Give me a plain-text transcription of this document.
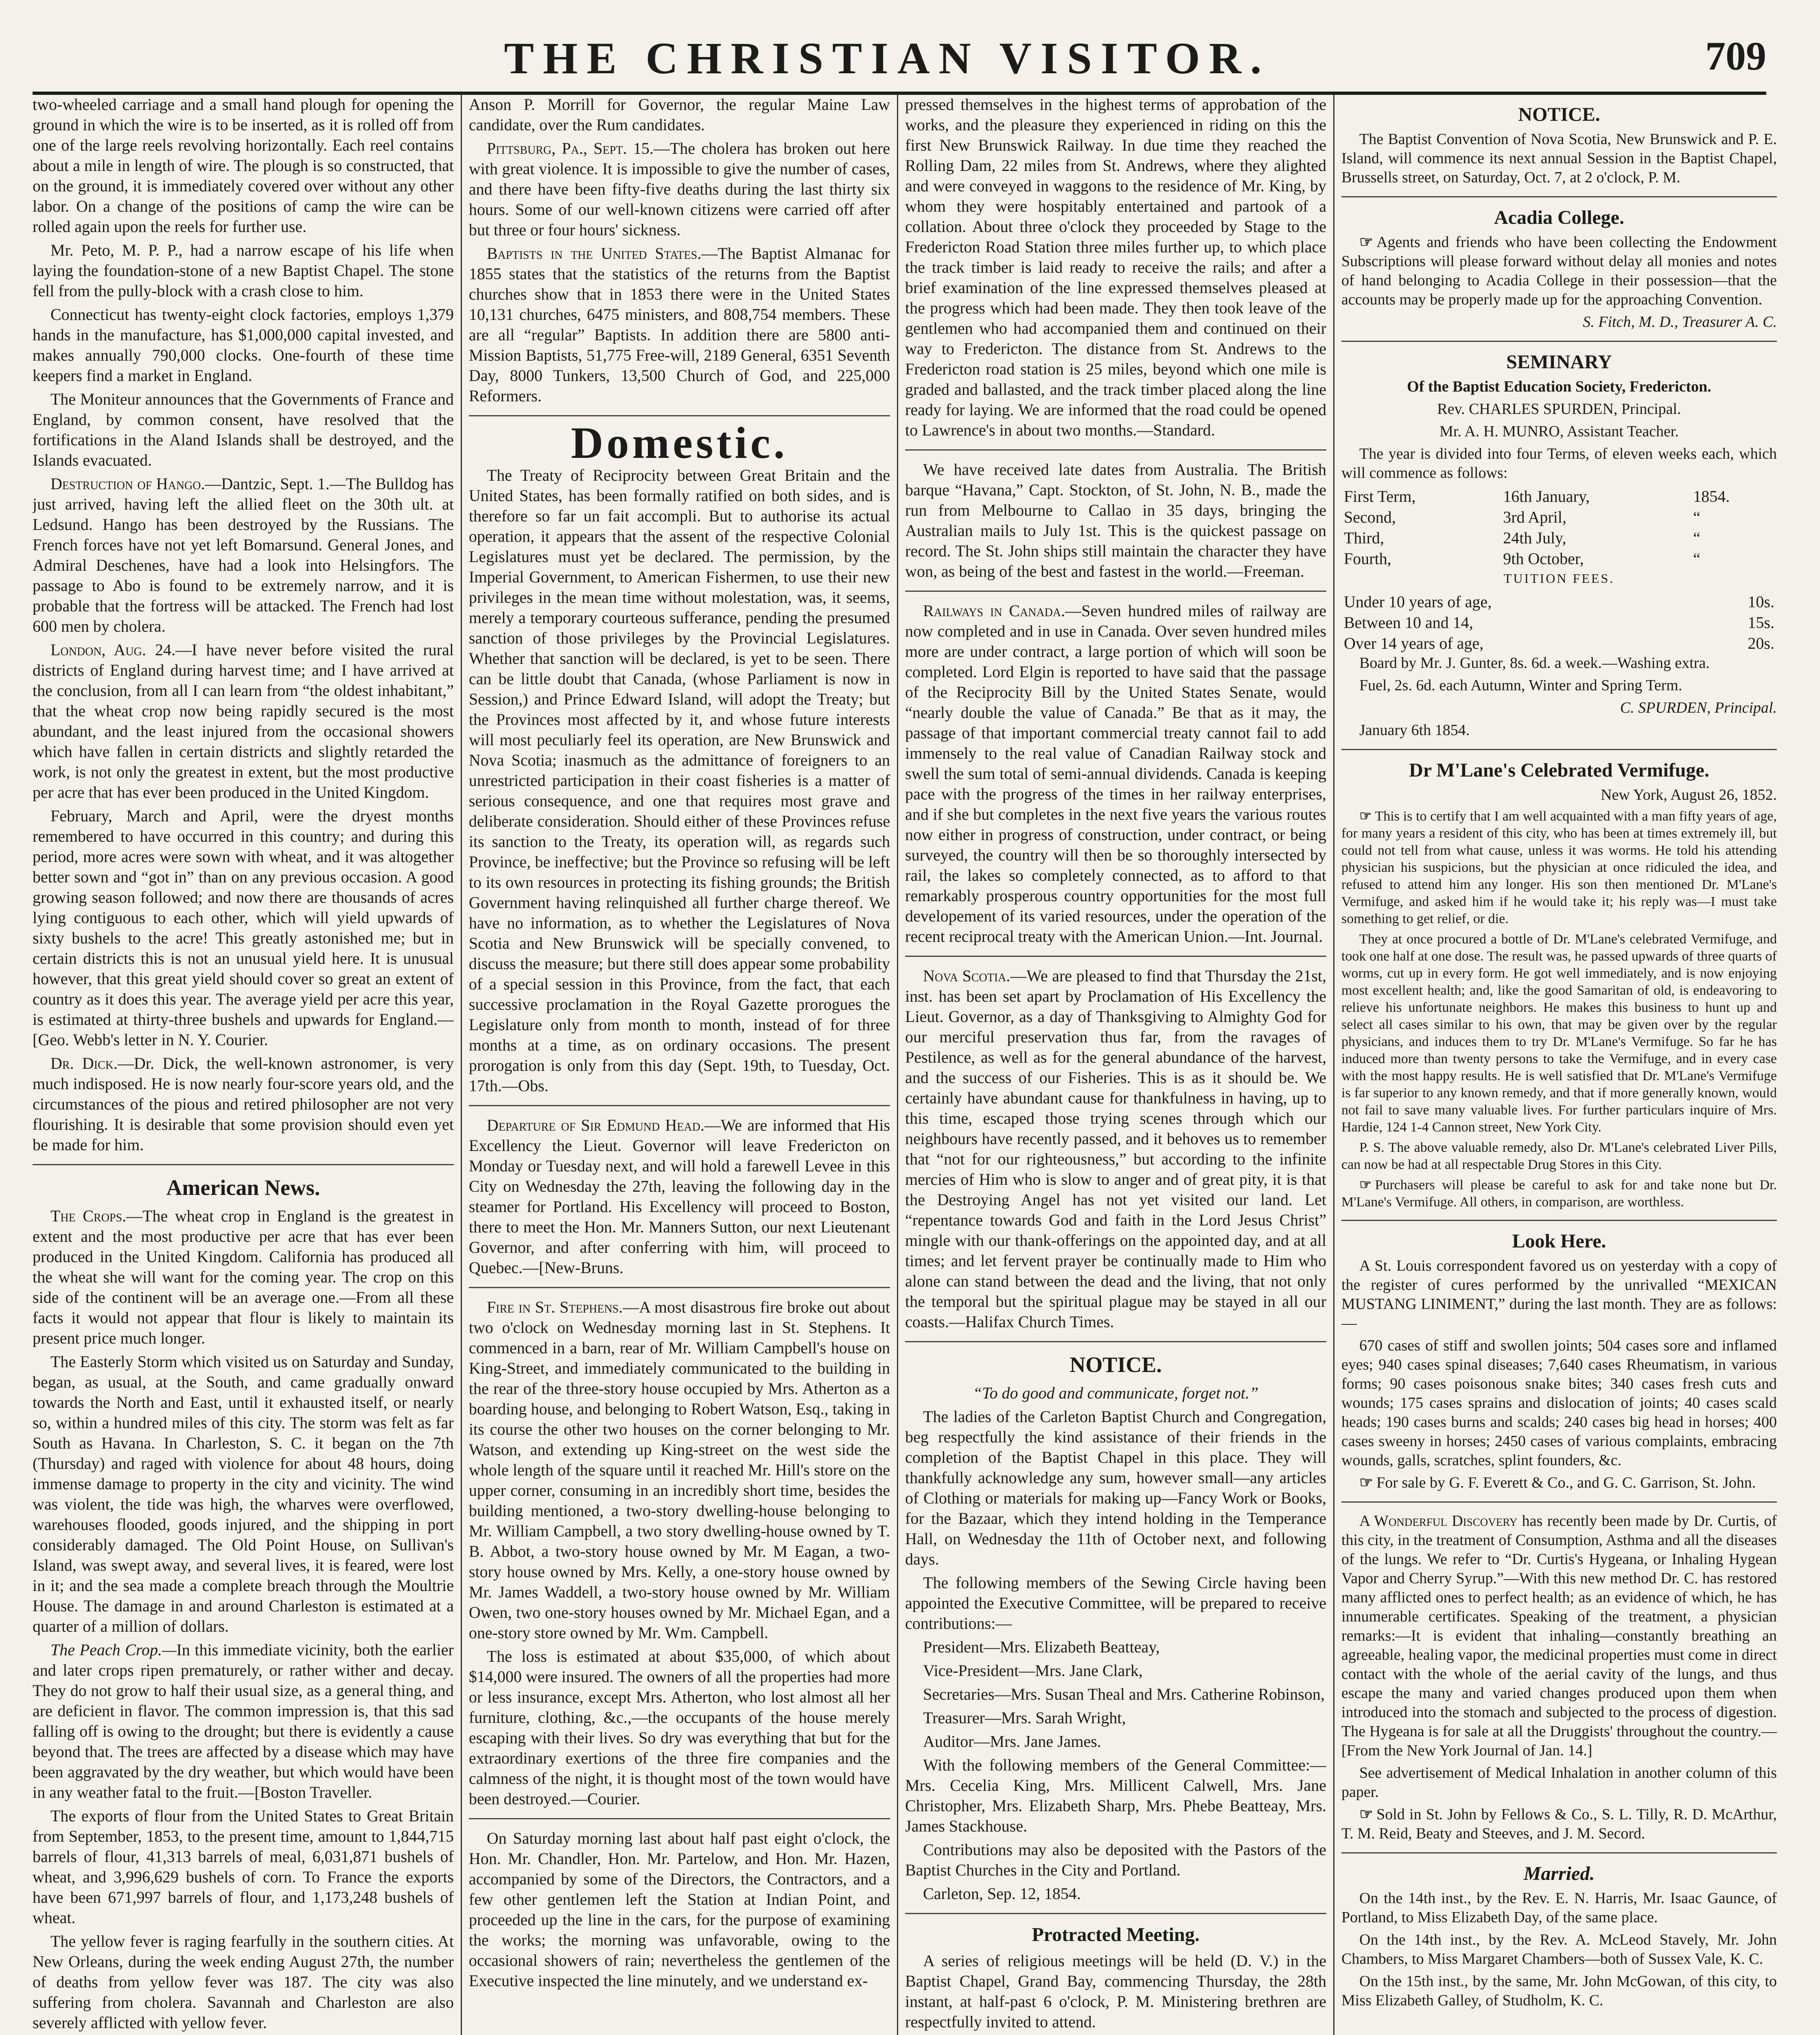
THE CHRISTIAN VISITOR.	709

two-wheeled carriage and a small hand plough for opening the ground in which the wire is to be inserted, as it is rolled off from one of the large reels revolving horizontally. Each reel contains about a mile in length of wire. The plough is so constructed, that on the ground, it is immediately covered over without any other labor. On a change of the positions of camp the wire can be rolled again upon the reels for further use.

Mr. Peto, M. P. P., had a narrow escape of his life when laying the foundation-stone of a new Baptist Chapel. The stone fell from the pully-block with a crash close to him.

Connecticut has twenty-eight clock factories, employs 1,379 hands in the manufacture, has $1,000,000 capital invested, and makes annually 790,000 clocks. One-fourth of these time keepers find a market in England.

The Moniteur announces that the Governments of France and England, by common consent, have resolved that the fortifications in the Aland Islands shall be destroyed, and the Islands evacuated.

Destruction of Hango.—Dantzic, Sept. 1.—The Bulldog has just arrived, having left the allied fleet on the 30th ult. at Ledsund. Hango has been destroyed by the Russians. The French forces have not yet left Bomarsund. General Jones, and Admiral Deschenes, have had a look into Helsingfors. The passage to Abo is found to be extremely narrow, and it is probable that the fortress will be attacked. The French had lost 600 men by cholera.

London, Aug. 24.—I have never before visited the rural districts of England during harvest time; and I have arrived at the conclusion, from all I can learn from “the oldest inhabitant,” that the wheat crop now being rapidly secured is the most abundant, and the least injured from the occasional showers which have fallen in certain districts and slightly retarded the work, is not only the greatest in extent, but the most productive per acre that has ever been produced in the United Kingdom.

February, March and April, were the dryest months remembered to have occurred in this country; and during this period, more acres were sown with wheat, and it was altogether better sown and “got in” than on any previous occasion. A good growing season followed; and now there are thousands of acres lying contiguous to each other, which will yield upwards of sixty bushels to the acre! This greatly astonished me; but in certain districts this is not an unusual yield here. It is unusual however, that this great yield should cover so great an extent of country as it does this year. The average yield per acre this year, is estimated at thirty-three bushels and upwards for England.—[Geo. Webb's letter in N. Y. Courier.

Dr. Dick.—Dr. Dick, the well-known astronomer, is very much indisposed. He is now nearly four-score years old, and the circumstances of the pious and retired philosopher are not very flourishing. It is desirable that some provision should even yet be made for him.

American News.

The Crops.—The wheat crop in England is the greatest in extent and the most productive per acre that has ever been produced in the United Kingdom. California has produced all the wheat she will want for the coming year. The crop on this side of the continent will be an average one.—From all these facts it would not appear that flour is likely to maintain its present price much longer.

The Easterly Storm which visited us on Saturday and Sunday, began, as usual, at the South, and came gradually onward towards the North and East, until it exhausted itself, or nearly so, within a hundred miles of this city. The storm was felt as far South as Havana. In Charleston, S. C. it began on the 7th (Thursday) and raged with violence for about 48 hours, doing immense damage to property in the city and vicinity. The wind was violent, the tide was high, the wharves were overflowed, warehouses flooded, goods injured, and the shipping in port considerably damaged. The Old Point House, on Sullivan's Island, was swept away, and several lives, it is feared, were lost in it; and the sea made a complete breach through the Moultrie House. The damage in and around Charleston is estimated at a quarter of a million of dollars.

The Peach Crop.—In this immediate vicinity, both the earlier and later crops ripen prematurely, or rather wither and decay. They do not grow to half their usual size, as a general thing, and are deficient in flavor. The common impression is, that this sad falling off is owing to the drought; but there is evidently a cause beyond that. The trees are affected by a disease which may have been aggravated by the dry weather, but which would have been in any weather fatal to the fruit.—[Boston Traveller.

The exports of flour from the United States to Great Britain from September, 1853, to the present time, amount to 1,844,715 barrels of flour, 41,313 barrels of meal, 6,031,871 bushels of wheat, and 3,996,629 bushels of corn. To France the exports have been 671,997 barrels of flour, and 1,173,248 bushels of wheat.

The yellow fever is raging fearfully in the southern cities. At New Orleans, during the week ending August 27th, the number of deaths from yellow fever was 187. The city was also suffering from cholera. Savannah and Charleston are also severely afflicted with yellow fever.

Anson P. Morrill for Governor, the regular Maine Law candidate, over the Rum candidates.

Pittsburg, Pa., Sept. 15.—The cholera has broken out here with great violence. It is impossible to give the number of cases, and there have been fifty-five deaths during the last thirty six hours. Some of our well-known citizens were carried off after but three or four hours' sickness.

Baptists in the United States.—The Baptist Almanac for 1855 states that the statistics of the returns from the Baptist churches show that in 1853 there were in the United States 10,131 churches, 6475 ministers, and 808,754 members. These are all “regular” Baptists. In addition there are 5800 anti-Mission Baptists, 51,775 Free-will, 2189 General, 6351 Seventh Day, 8000 Tunkers, 13,500 Church of God, and 225,000 Reformers.

Domestic.

The Treaty of Reciprocity between Great Britain and the United States, has been formally ratified on both sides, and is therefore so far un fait accompli. But to authorise its actual operation, it appears that the assent of the respective Colonial Legislatures must yet be declared. The permission, by the Imperial Government, to American Fishermen, to use their new privileges in the mean time without molestation, was, it seems, merely a temporary courteous sufferance, pending the presumed sanction of those privileges by the Provincial Legislatures. Whether that sanction will be declared, is yet to be seen. There can be little doubt that Canada, (whose Parliament is now in Session,) and Prince Edward Island, will adopt the Treaty; but the Provinces most affected by it, and whose future interests will most peculiarly feel its operation, are New Brunswick and Nova Scotia; inasmuch as the admittance of foreigners to an unrestricted participation in their coast fisheries is a matter of serious consequence, and one that requires most grave and deliberate consideration. Should either of these Provinces refuse its sanction to the Treaty, its operation will, as regards such Province, be ineffective; but the Province so refusing will be left to its own resources in protecting its fishing grounds; the British Government having relinquished all further charge thereof. We have no information, as to whether the Legislatures of Nova Scotia and New Brunswick will be specially convened, to discuss the measure; but there still does appear some probability of a special session in this Province, from the fact, that each successive proclamation in the Royal Gazette prorogues the Legislature only from month to month, instead of for three months at a time, as on ordinary occasions. The present prorogation is only from this day (Sept. 19th, to Tuesday, Oct. 17th.—Obs.

Departure of Sir Edmund Head.—We are informed that His Excellency the Lieut. Governor will leave Fredericton on Monday or Tuesday next, and will hold a farewell Levee in this City on Wednesday the 27th, leaving the following day in the steamer for Portland. His Excellency will proceed to Boston, there to meet the Hon. Mr. Manners Sutton, our next Lieutenant Governor, and after conferring with him, will proceed to Quebec.—[New-Bruns.

Fire in St. Stephens.—A most disastrous fire broke out about two o'clock on Wednesday morning last in St. Stephens. It commenced in a barn, rear of Mr. William Campbell's house on King-Street, and immediately communicated to the building in the rear of the three-story house occupied by Mrs. Atherton as a boarding house, and belonging to Robert Watson, Esq., taking in its course the other two houses on the corner belonging to Mr. Watson, and extending up King-street on the west side the whole length of the square until it reached Mr. Hill's store on the upper corner, consuming in an incredibly short time, besides the building mentioned, a two-story dwelling-house belonging to Mr. William Campbell, a two story dwelling-house owned by T. B. Abbot, a two-story house owned by Mr. M Eagan, a two-story house owned by Mrs. Kelly, a one-story house owned by Mr. James Waddell, a two-story house owned by Mr. William Owen, two one-story houses owned by Mr. Michael Egan, and a one-story store owned by Mr. Wm. Campbell.

The loss is estimated at about $35,000, of which about $14,000 were insured. The owners of all the properties had more or less insurance, except Mrs. Atherton, who lost almost all her furniture, clothing, &c.,—the occupants of the house merely escaping with their lives. So dry was everything that but for the extraordinary exertions of the three fire companies and the calmness of the night, it is thought most of the town would have been destroyed.—Courier.

On Saturday morning last about half past eight o'clock, the Hon. Mr. Chandler, Hon. Mr. Partelow, and Hon. Mr. Hazen, accompanied by some of the Directors, the Contractors, and a few other gentlemen left the Station at Indian Point, and proceeded up the line in the cars, for the purpose of examining the works; the morning was unfavorable, owing to the occasional showers of rain; nevertheless the gentlemen of the Executive inspected the line minutely, and we understand ex-

pressed themselves in the highest terms of approbation of the works, and the pleasure they experienced in riding on this the first New Brunswick Railway. In due time they reached the Rolling Dam, 22 miles from St. Andrews, where they alighted and were conveyed in waggons to the residence of Mr. King, by whom they were hospitably entertained and partook of a collation. About three o'clock they proceeded by Stage to the Fredericton Road Station three miles further up, to which place the track timber is laid ready to receive the rails; and after a brief examination of the line expressed themselves pleased at the progress which had been made. They then took leave of the gentlemen who had accompanied them and continued on their way to Fredericton. The distance from St. Andrews to the Fredericton road station is 25 miles, beyond which one mile is graded and ballasted, and the track timber placed along the line ready for laying. We are informed that the road could be opened to Lawrence's in about two months.—Standard.

We have received late dates from Australia. The British barque “Havana,” Capt. Stockton, of St. John, N. B., made the run from Melbourne to Callao in 35 days, bringing the Australian mails to July 1st. This is the quickest passage on record. The St. John ships still maintain the character they have won, as being of the best and fastest in the world.—Freeman.

Railways in Canada.—Seven hundred miles of railway are now completed and in use in Canada. Over seven hundred miles more are under contract, a large portion of which will soon be completed. Lord Elgin is reported to have said that the passage of the Reciprocity Bill by the United States Senate, would “nearly double the value of Canada.” Be that as it may, the passage of that important commercial treaty cannot fail to add immensely to the real value of Canadian Railway stock and swell the sum total of semi-annual dividends. Canada is keeping pace with the progress of the times in her railway enterprises, and if she but completes in the next five years the various routes now either in progress of construction, under contract, or being surveyed, the country will then be so thoroughly intersected by rail, the lakes so completely connected, as to afford to that remarkably prosperous country opportunities for the most full developement of its varied resources, under the operation of the recent reciprocal treaty with the American Union.—Int. Journal.

Nova Scotia.—We are pleased to find that Thursday the 21st, inst. has been set apart by Proclamation of His Excellency the Lieut. Governor, as a day of Thanksgiving to Almighty God for our merciful preservation thus far, from the ravages of Pestilence, as well as for the general abundance of the harvest, and the success of our Fisheries. This is as it should be. We certainly have abundant cause for thankfulness in having, up to this time, escaped those trying scenes through which our neighbours have recently passed, and it behoves us to remember that “not for our righteousness,” but according to the infinite mercies of Him who is slow to anger and of great pity, it is that the Destroying Angel has not yet visited our land. Let “repentance towards God and faith in the Lord Jesus Christ” mingle with our thank-offerings on the appointed day, and at all times; and let fervent prayer be continually made to Him who alone can stand between the dead and the living, that not only the temporal but the spiritual plague may be stayed in all our coasts.—Halifax Church Times.

NOTICE.

“To do good and communicate, forget not.”

The ladies of the Carleton Baptist Church and Congregation, beg respectfully the kind assistance of their friends in the completion of the Baptist Chapel in this place. They will thankfully acknowledge any sum, however small—any articles of Clothing or materials for making up—Fancy Work or Books, for the Bazaar, which they intend holding in the Temperance Hall, on Wednesday the 11th of October next, and following days.

The following members of the Sewing Circle having been appointed the Executive Committee, will be prepared to receive contributions:—

President—Mrs. Elizabeth Beatteay,

Vice-President—Mrs. Jane Clark,

Secretaries—Mrs. Susan Theal and Mrs. Catherine Robinson,

Treasurer—Mrs. Sarah Wright,

Auditor—Mrs. Jane James.

With the following members of the General Committee:—Mrs. Cecelia King, Mrs. Millicent Calwell, Mrs. Jane Christopher, Mrs. Elizabeth Sharp, Mrs. Phebe Beatteay, Mrs. James Stackhouse.

Contributions may also be deposited with the Pastors of the Baptist Churches in the City and Portland.

Carleton, Sep. 12, 1854.

Protracted Meeting.

A series of religious meetings will be held (D. V.) in the Baptist Chapel, Grand Bay, commencing Thursday, the 28th instant, at half-past 6 o'clock, P. M. Ministering brethren are respectfully invited to attend.

NOTICE.

The Baptist Convention of Nova Scotia, New Brunswick and P. E. Island, will commence its next annual Session in the Baptist Chapel, Brussells street, on Saturday, Oct. 7, at 2 o'clock, P. M.

Acadia College.

☞ Agents and friends who have been collecting the Endowment Subscriptions will please forward without delay all monies and notes of hand belonging to Acadia College in their possession—that the accounts may be properly made up for the approaching Convention.

S. Fitch, M. D., Treasurer A. C.

SEMINARY

Of the Baptist Education Society, Fredericton.

Rev. CHARLES SPURDEN, Principal.

Mr. A. H. MUNRO, Assistant Teacher.

The year is divided into four Terms, of eleven weeks each, which will commence as follows:

First Term,	16th January,	1854.
Second,	3rd April,	“
Third,	24th July,	“
Fourth,	9th October,	“

TUITION FEES.

Under 10 years of age,	10s.
Between 10 and 14,	15s.
Over 14 years of age,	20s.

Board by Mr. J. Gunter, 8s. 6d. a week.—Washing extra.

Fuel, 2s. 6d. each Autumn, Winter and Spring Term.

C. SPURDEN, Principal.

January 6th 1854.

Dr M'Lane's Celebrated Vermifuge.

New York, August 26, 1852.

☞ This is to certify that I am well acquainted with a man fifty years of age, for many years a resident of this city, who has been at times extremely ill, but could not tell from what cause, unless it was worms. He told his attending physician his suspicions, but the physician at once ridiculed the idea, and refused to attend him any longer. His son then mentioned Dr. M'Lane's Vermifuge, and asked him if he would take it; his reply was—I must take something to get relief, or die.

They at once procured a bottle of Dr. M'Lane's celebrated Vermifuge, and took one half at one dose. The result was, he passed upwards of three quarts of worms, cut up in every form. He got well immediately, and is now enjoying most excellent health; and, like the good Samaritan of old, is endeavoring to relieve his unfortunate neighbors. He makes this business to hunt up and select all cases similar to his own, that may be given over by the regular physicians, and induces them to try Dr. M'Lane's Vermifuge. So far he has induced more than twenty persons to take the Vermifuge, and in every case with the most happy results. He is well satisfied that Dr. M'Lane's Vermifuge is far superior to any known remedy, and that if more generally known, would not fail to save many valuable lives. For further particulars inquire of Mrs. Hardie, 124 1-4 Cannon street, New York City.

P. S. The above valuable remedy, also Dr. M'Lane's celebrated Liver Pills, can now be had at all respectable Drug Stores in this City.

☞ Purchasers will please be careful to ask for and take none but Dr. M'Lane's Vermifuge. All others, in comparison, are worthless.

Look Here.

A St. Louis correspondent favored us on yesterday with a copy of the register of cures performed by the unrivalled “MEXICAN MUSTANG LINIMENT,” during the last month. They are as follows:—

670 cases of stiff and swollen joints; 504 cases sore and inflamed eyes; 940 cases spinal diseases; 7,640 cases Rheumatism, in various forms; 90 cases poisonous snake bites; 340 cases fresh cuts and wounds; 175 cases sprains and dislocation of joints; 40 cases scald heads; 190 cases burns and scalds; 240 cases big head in horses; 400 cases sweeny in horses; 2450 cases of various complaints, embracing wounds, galls, scratches, splint founders, &c.

☞ For sale by G. F. Everett & Co., and G. C. Garrison, St. John.

A Wonderful Discovery has recently been made by Dr. Curtis, of this city, in the treatment of Consumption, Asthma and all the diseases of the lungs. We refer to “Dr. Curtis's Hygeana, or Inhaling Hygean Vapor and Cherry Syrup.”—With this new method Dr. C. has restored many afflicted ones to perfect health; as an evidence of which, he has innumerable certificates. Speaking of the treatment, a physician remarks:—It is evident that inhaling—constantly breathing an agreeable, healing vapor, the medicinal properties must come in direct contact with the whole of the aerial cavity of the lungs, and thus escape the many and varied changes produced upon them when introduced into the stomach and subjected to the process of digestion. The Hygeana is for sale at all the Druggists' throughout the country.—[From the New York Journal of Jan. 14.]

See advertisement of Medical Inhalation in another column of this paper.

☞ Sold in St. John by Fellows & Co., S. L. Tilly, R. D. McArthur, T. M. Reid, Beaty and Steeves, and J. M. Secord.

Married.

On the 14th inst., by the Rev. E. N. Harris, Mr. Isaac Gaunce, of Portland, to Miss Elizabeth Day, of the same place.

On the 14th inst., by the Rev. A. McLeod Stavely, Mr. John Chambers, to Miss Margaret Chambers—both of Sussex Vale, K. C.

On the 15th inst., by the same, Mr. John McGowan, of this city, to Miss Elizabeth Galley, of Studholm, K. C.
